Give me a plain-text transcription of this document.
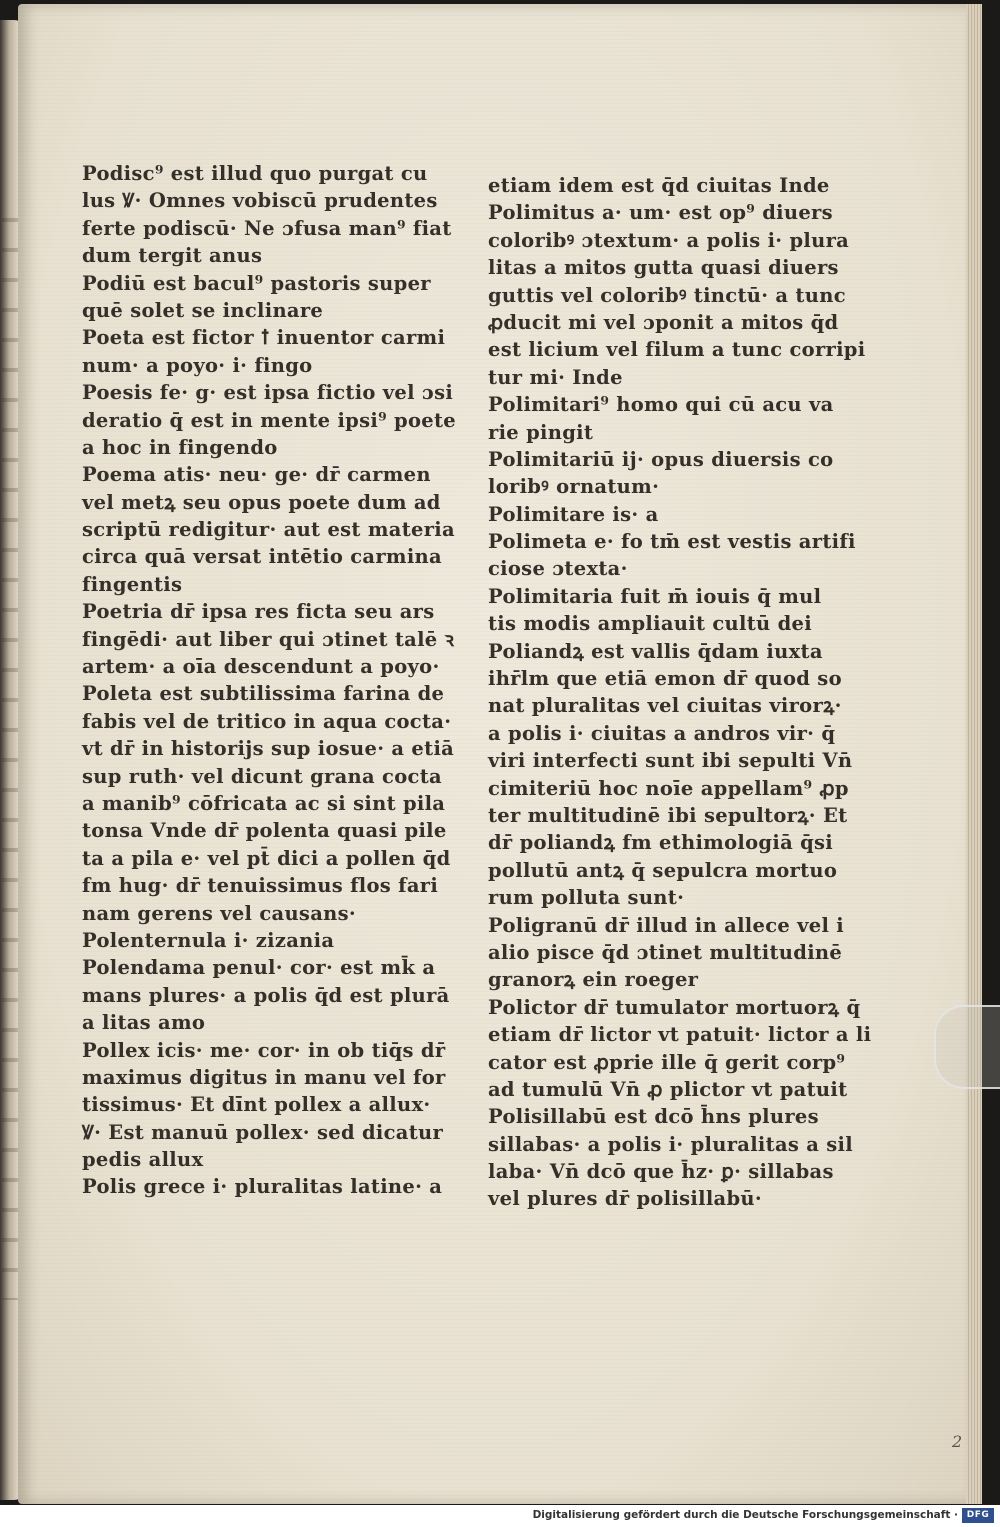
Podisc⁹ est illud quo purgat cu
lus Ꝟ· Omnes vobiscū prudentes
ferte podiscū· Ne ɔfusa man⁹ fiat
dum tergit anus
Podiū est bacul⁹ pastoris super
quē solet se inclinare
Poeta est fictor ꝉ inuentor carmi
num· a poyo· i· fingo
Poesis fe· g· est ipsa fictio vel ɔsi
deratio q̄ est in mente ipsi⁹ poete
a hoc in fingendo
Poema atis· neu· ge· dr̄ carmen
vel metꝝ seu opus poete dum ad
scriptū redigitur· aut est materia
circa quā versat intētio carmina
fingentis
Poetria dr̄ ipsa res ficta seu ars
fingēdi· aut liber qui ɔtinet talē ꝛ
artem· a oīa descendunt a poyo·
Poleta est subtilissima farina de
fabis vel de tritico in aqua cocta·
vt dr̄ in historijs sup iosue· a etiā
sup ruth· vel dicunt grana cocta
a manib⁹ cōfricata ac si sint pila
tonsa Vnde dr̄ polenta quasi pile
ta a pila e· vel pt̄ dici a pollen q̄d
fm hug· dr̄ tenuissimus flos fari
nam gerens vel causans·
Polenternula i· zizania
Polendama penul· cor· est mk̄ a
mans plures· a polis q̄d est plurā
a litas amo
Pollex icis· me· cor· in ob tiq̄s dr̄
maximus digitus in manu vel for
tissimus· Et dīnt pollex a allux·
Ꝟ· Est manuū pollex· sed dicatur
pedis allux
Polis grece i· pluralitas latine· a
etiam idem est q̄d ciuitas Inde
Polimitus a· um· est op⁹ diuers
coloribꝰ ɔtextum· a polis i· plura
litas a mitos gutta quasi diuers
guttis vel coloribꝰ tinctū· a tunc
ꝓducit mi vel ɔponit a mitos q̄d
est licium vel filum a tunc corripi
tur mi· Inde
Polimitari⁹ homo qui cū acu va
rie pingit
Polimitariū ij· opus diuersis co
loribꝰ ornatum·
Polimitare is· a
Polimeta e· fo tm̄ est vestis artifi
ciose ɔtexta·
Polimitaria fuit m̄ iouis q̄ mul
tis modis ampliauit cultū dei
Poliandꝝ est vallis q̄dam iuxta
ihr̄lm que etiā emon dr̄ quod so
nat pluralitas vel ciuitas virorꝝ·
a polis i· ciuitas a andros vir· q̄
viri interfecti sunt ibi sepulti Vn̄
cimiteriū hoc noīe appellam⁹ ꝓp
ter multitudinē ibi sepultorꝝ· Et
dr̄ poliandꝝ fm ethimologiā q̄si
pollutū antꝝ q̄ sepulcra mortuo
rum polluta sunt·
Poligranū dr̄ illud in allece vel i
alio pisce q̄d ɔtinet multitudinē
granorꝝ ein roeger
Polictor dr̄ tumulator mortuorꝝ q̄
etiam dr̄ lictor vt patuit· lictor a li
cator est ꝓprie ille q̄ gerit corp⁹
ad tumulū Vn̄ ꝓ plictor vt patuit
Polisillabū est dcō h̄ns plures
sillabas· a polis i· pluralitas a sil
laba· Vn̄ dcō que h̄z· ꝑ· sillabas
vel plures dr̄ polisillabū·
2
Digitalisierung gefördert durch die Deutsche Forschungsgemeinschaft · DFG
